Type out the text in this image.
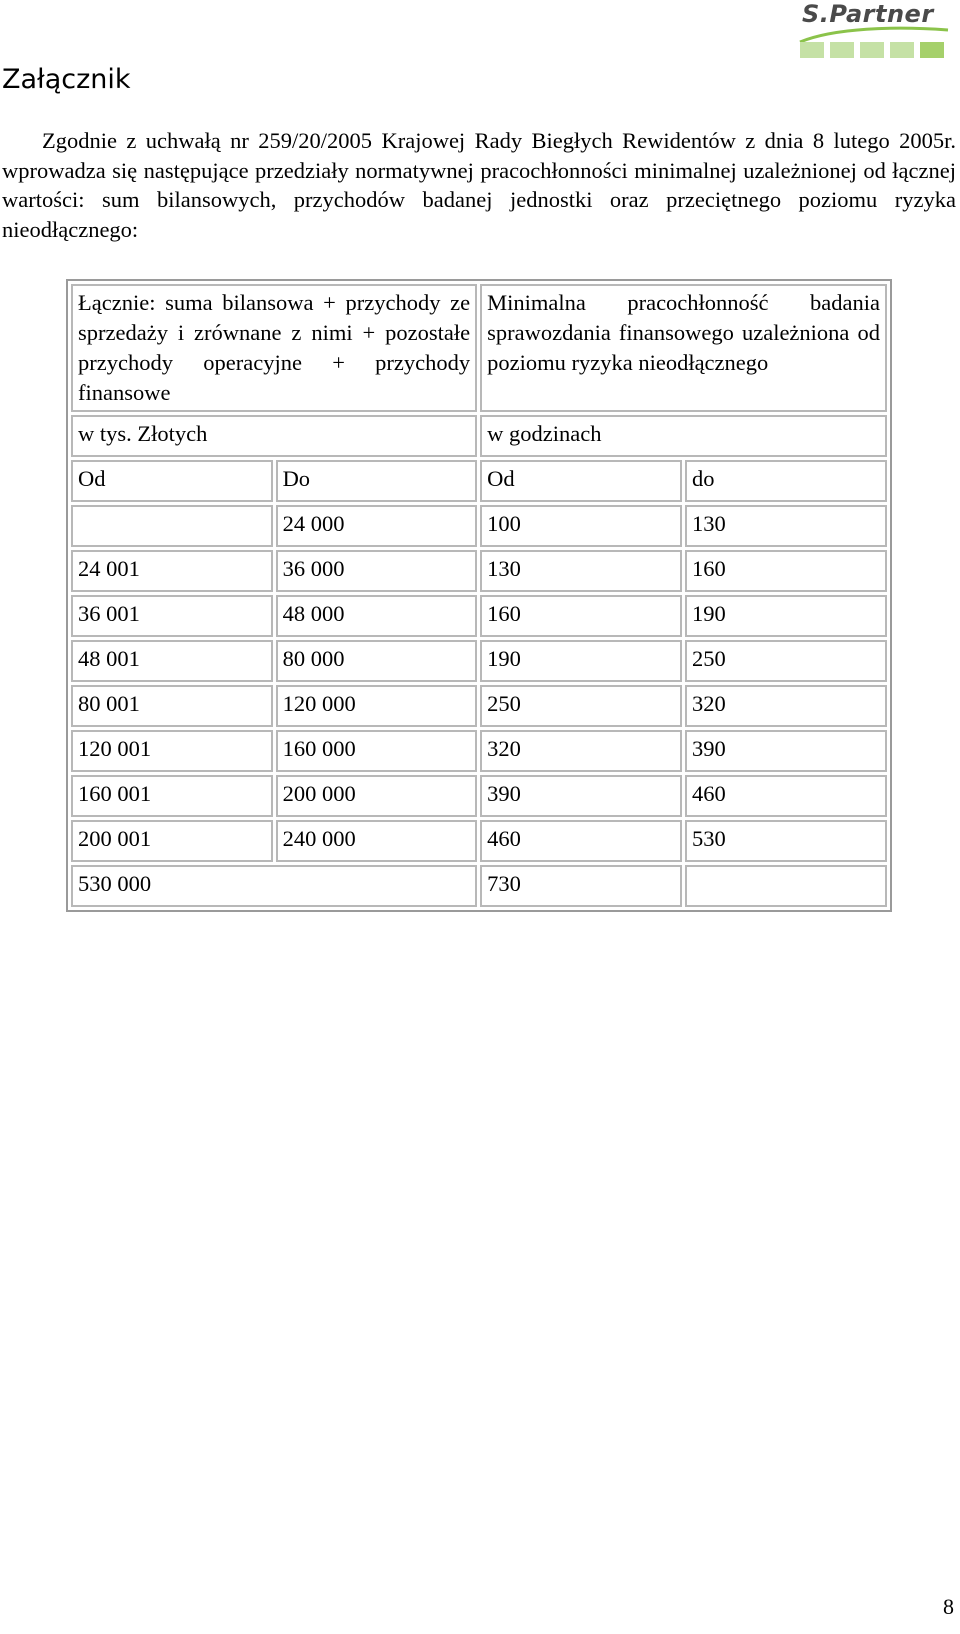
S.Partner
Załącznik

Zgodnie z uchwałą nr 259/20/2005 Krajowej Rady Biegłych Rewidentów z dnia 8 lutego 2005r. wprowadza się następujące przedziały normatywnej pracochłonności minimalnej uzależnionej od łącznej wartości: sum bilansowych, przychodów badanej jednostki oraz przeciętnego poziomu ryzyka nieodłącznego:

Łącznie: suma bilansowa + przychody ze sprzedaży i zrównane z nimi + pozostałe przychody operacyjne + przychody finansowe		Minimalna pracochłonność badania sprawozdania finansowego uzależniona od poziomu ryzyka nieodłącznego	
w tys. Złotych		w godzinach	
Od	Do	Od	do
	24 000	100	130
24 001	36 000	130	160
36 001	48 000	160	190
48 001	80 000	190	250
80 001	120 000	250	320
120 001	160 000	320	390
160 001	200 000	390	460
200 001	240 000	460	530
530 000		730	
8
